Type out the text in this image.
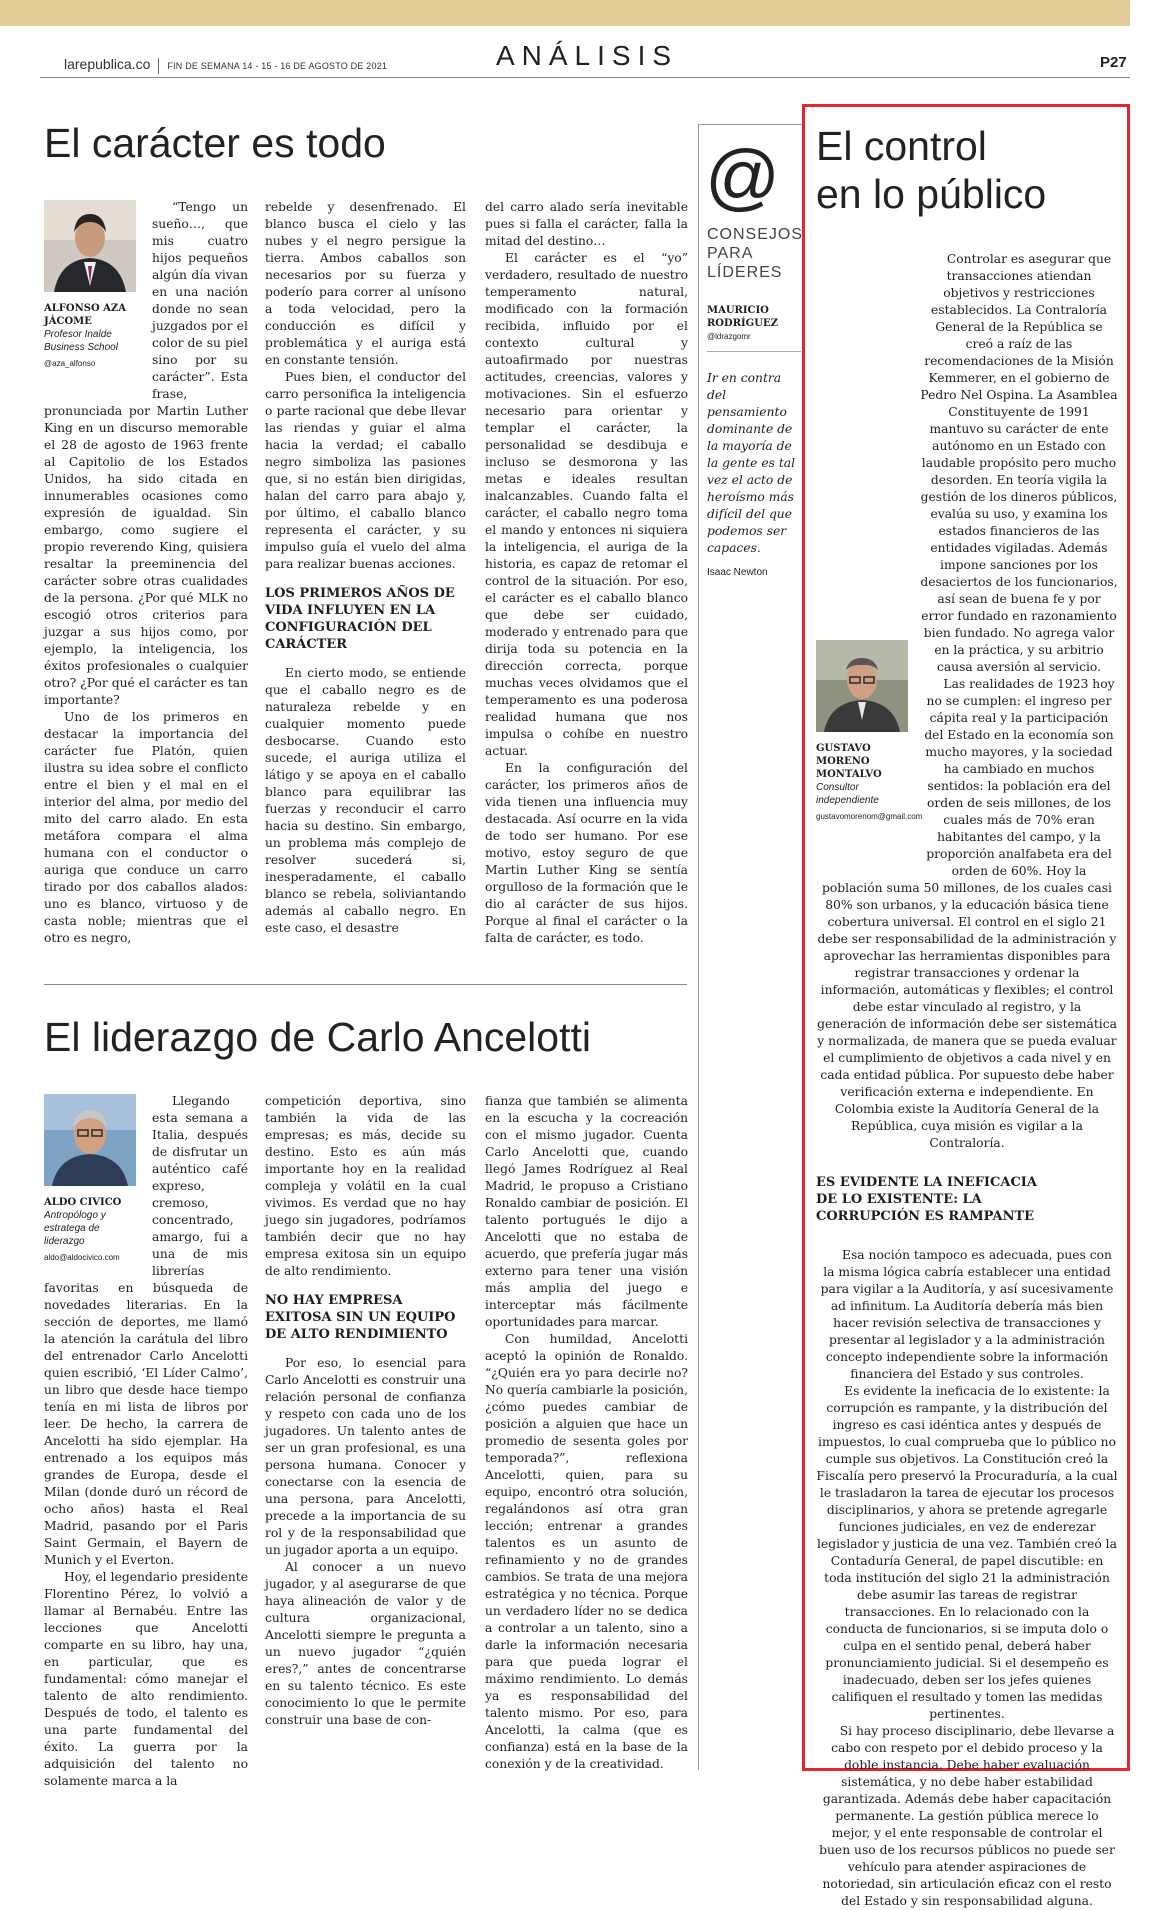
larepublica.co FIN DE SEMANA 14 - 15 - 16 DE AGOSTO DE 2021	ANÁLISIS	P27
El carácter es todo
ALFONSO AZA JÁCOME
Profesor Inalde Business School
@aza_alfonso

“Tengo un sueño…, que mis cuatro hijos pequeños algún día vivan en una nación donde no sean juzgados por el color de su piel sino por su carácter”. Esta frase, pronunciada por Martin Luther King en un discurso memorable el 28 de agosto de 1963 frente al Capitolio de los Estados Unidos, ha sido citada en innumerables ocasiones como expresión de igualdad. Sin embargo, como sugiere el propio reverendo King, quisiera resaltar la preeminencia del carácter sobre otras cualidades de la persona. ¿Por qué MLK no escogió otros criterios para juzgar a sus hijos como, por ejemplo, la inteligencia, los éxitos profesionales o cualquier otro? ¿Por qué el carácter es tan importante?

Uno de los primeros en destacar la importancia del carácter fue Platón, quien ilustra su idea sobre el conflicto entre el bien y el mal en el interior del alma, por medio del mito del carro alado. En esta metáfora compara el alma humana con el conductor o auriga que conduce un carro tirado por dos caballos alados: uno es blanco, virtuoso y de casta noble; mientras que el otro es negro,

rebelde y desenfrenado. El blanco busca el cielo y las nubes y el negro persigue la tierra. Ambos caballos son necesarios por su fuerza y poderío para correr al unísono a toda velocidad, pero la conducción es difícil y problemática y el auriga está en constante tensión.

Pues bien, el conductor del carro personifica la inteligencia o parte racional que debe llevar las riendas y guiar el alma hacia la verdad; el caballo negro simboliza las pasiones que, si no están bien dirigidas, halan del carro para abajo y, por último, el caballo blanco representa el carácter, y su impulso guía el vuelo del alma para realizar buenas acciones.

LOS PRIMEROS AÑOS DE VIDA INFLUYEN EN LA CONFIGURACIÓN DEL CARÁCTER

En cierto modo, se entiende que el caballo negro es de naturaleza rebelde y en cualquier momento puede desbocarse. Cuando esto sucede, el auriga utiliza el látigo y se apoya en el caballo blanco para equilibrar las fuerzas y reconducir el carro hacia su destino. Sin embargo, un problema más complejo de resolver sucederá si, inesperadamente, el caballo blanco se rebela, soliviantando además al caballo negro. En este caso, el desastre

del carro alado sería inevitable pues si falla el carácter, falla la mitad del destino…

El carácter es el “yo” verdadero, resultado de nuestro temperamento natural, modificado con la formación recibida, influido por el contexto cultural y autoafirmado por nuestras actitudes, creencias, valores y motivaciones. Sin el esfuerzo necesario para orientar y templar el carácter, la personalidad se desdibuja e incluso se desmorona y las metas e ideales resultan inalcanzables. Cuando falta el carácter, el caballo negro toma el mando y entonces ni siquiera la inteligencia, el auriga de la historia, es capaz de retomar el control de la situación. Por eso, el carácter es el caballo blanco que debe ser cuidado, moderado y entrenado para que dirija toda su potencia en la dirección correcta, porque muchas veces olvidamos que el temperamento es una poderosa realidad humana que nos impulsa o cohíbe en nuestro actuar.

En la configuración del carácter, los primeros años de vida tienen una influencia muy destacada. Así ocurre en la vida de todo ser humano. Por ese motivo, estoy seguro de que Martin Luther King se sentía orgulloso de la formación que le dio al carácter de sus hijos. Porque al final el carácter o la falta de carácter, es todo.

El liderazgo de Carlo Ancelotti
ALDO CIVICO
Antropólogo y estratega de liderazgo
aldo@aldocivico.com

Llegando esta semana a Italia, después de disfrutar un auténtico café expreso, cremoso, concentrado, amargo, fui a una de mis librerías favoritas en búsqueda de novedades literarias. En la sección de deportes, me llamó la atención la carátula del libro del entrenador Carlo Ancelotti quien escribió, ‘El Líder Calmo’, un libro que desde hace tiempo tenía en mi lista de libros por leer. De hecho, la carrera de Ancelotti ha sido ejemplar. Ha entrenado a los equipos más grandes de Europa, desde el Milan (donde duró un récord de ocho años) hasta el Real Madrid, pasando por el Paris Saint Germain, el Bayern de Munich y el Everton.

Hoy, el legendario presidente Florentino Pérez, lo volvió a llamar al Bernabéu. Entre las lecciones que Ancelotti comparte en su libro, hay una, en particular, que es fundamental: cómo manejar el talento de alto rendimiento. Después de todo, el talento es una parte fundamental del éxito. La guerra por la adquisición del talento no solamente marca a la

competición deportiva, sino también la vida de las empresas; es más, decide su destino. Esto es aún más importante hoy en la realidad compleja y volátil en la cual vivimos. Es verdad que no hay juego sin jugadores, podríamos también decir que no hay empresa exitosa sin un equipo de alto rendimiento.

NO HAY EMPRESA EXITOSA SIN UN EQUIPO DE ALTO RENDIMIENTO

Por eso, lo esencial para Carlo Ancelotti es construir una relación personal de confianza y respeto con cada uno de los jugadores. Un talento antes de ser un gran profesional, es una persona humana. Conocer y conectarse con la esencia de una persona, para Ancelotti, precede a la importancia de su rol y de la responsabilidad que un jugador aporta a un equipo.

Al conocer a un nuevo jugador, y al asegurarse de que haya alineación de valor y de cultura organizacional, Ancelotti siempre le pregunta a un nuevo jugador “¿quién eres?,” antes de concentrarse en su talento técnico. Es este conocimiento lo que le permite construir una base de con-

fianza que también se alimenta en la escucha y la cocreación con el mismo jugador. Cuenta Carlo Ancelotti que, cuando llegó James Rodríguez al Real Madrid, le propuso a Cristiano Ronaldo cambiar de posición. El talento portugués le dijo a Ancelotti que no estaba de acuerdo, que prefería jugar más externo para tener una visión más amplia del juego e interceptar más fácilmente oportunidades para marcar.

Con humildad, Ancelotti aceptó la opinión de Ronaldo. “¿Quién era yo para decirle no? No quería cambiarle la posición, ¿cómo puedes cambiar de posición a alguien que hace un promedio de sesenta goles por temporada?”, reflexiona Ancelotti, quien, para su equipo, encontró otra solución, regalándonos así otra gran lección; entrenar a grandes talentos es un asunto de refinamiento y no de grandes cambios. Se trata de una mejora estratégica y no técnica. Porque un verdadero líder no se dedica a controlar a un talento, sino a darle la información necesaria para que pueda lograr el máximo rendimiento. Lo demás ya es responsabilidad del talento mismo. Por eso, para Ancelotti, la calma (que es confianza) está en la base de la conexión y de la creatividad.

@
CONSEJOS PARA LÍDERES
MAURICIO RODRÍGUEZ
@ldrazgomr
Ir en contra del pensamiento dominante de la mayoría de la gente es tal vez el acto de heroísmo más difícil del que podemos ser capaces.
Isaac Newton
El control
en lo público
GUSTAVO MORENO MONTALVO
Consultor independiente
gustavomorenom@gmail.com

Controlar es asegurar que transacciones atiendan objetivos y restricciones establecidos. La Contraloría General de la República se creó a raíz de las recomendaciones de la Misión Kemmerer, en el gobierno de Pedro Nel Ospina. La Asamblea Constituyente de 1991 mantuvo su carácter de ente autónomo en un Estado con laudable propósito pero mucho desorden. En teoría vigila la gestión de los dineros públicos, evalúa su uso, y examina los estados financieros de las entidades vigiladas. Además impone sanciones por los desaciertos de los funcionarios, así sean de buena fe y por error fundado en razonamiento bien fundado. No agrega valor en la práctica, y su arbitrio causa aversión al servicio.

Las realidades de 1923 hoy no se cumplen: el ingreso per cápita real y la participación del Estado en la economía son mucho mayores, y la sociedad ha cambiado en muchos sentidos: la población era del orden de seis millones, de los cuales más de 70% eran habitantes del campo, y la proporción analfabeta era del orden de 60%. Hoy la población suma 50 millones, de los cuales casi 80% son urbanos, y la educación básica tiene cobertura universal. El control en el siglo 21 debe ser responsabilidad de la administración y aprovechar las herramientas disponibles para registrar transacciones y ordenar la información, automáticas y flexibles; el control debe estar vinculado al registro, y la generación de información debe ser sistemática y normalizada, de manera que se pueda evaluar el cumplimiento de objetivos a cada nivel y en cada entidad pública. Por supuesto debe haber verificación externa e independiente. En Colombia existe la Auditoría General de la República, cuya misión es vigilar a la Contraloría.

ES EVIDENTE LA INEFICACIA DE LO EXISTENTE: LA CORRUPCIÓN ES RAMPANTE

Esa noción tampoco es adecuada, pues con la misma lógica cabría establecer una entidad para vigilar a la Auditoría, y así sucesivamente ad infinitum. La Auditoría debería más bien hacer revisión selectiva de transacciones y presentar al legislador y a la administración concepto independiente sobre la información financiera del Estado y sus controles.

Es evidente la ineficacia de lo existente: la corrupción es rampante, y la distribución del ingreso es casi idéntica antes y después de impuestos, lo cual comprueba que lo público no cumple sus objetivos. La Constitución creó la Fiscalía pero preservó la Procuraduría, a la cual le trasladaron la tarea de ejecutar los procesos disciplinarios, y ahora se pretende agregarle funciones judiciales, en vez de enderezar legislador y justicia de una vez. También creó la Contaduría General, de papel discutible: en toda institución del siglo 21 la administración debe asumir las tareas de registrar transacciones. En lo relacionado con la conducta de funcionarios, si se imputa dolo o culpa en el sentido penal, deberá haber pronunciamiento judicial. Si el desempeño es inadecuado, deben ser los jefes quienes califiquen el resultado y tomen las medidas pertinentes.

Si hay proceso disciplinario, debe llevarse a cabo con respeto por el debido proceso y la doble instancia. Debe haber evaluación sistemática, y no debe haber estabilidad garantizada. Además debe haber capacitación permanente. La gestión pública merece lo mejor, y el ente responsable de controlar el buen uso de los recursos públicos no puede ser vehículo para atender aspiraciones de notoriedad, sin articulación eficaz con el resto del Estado y sin responsabilidad alguna.
